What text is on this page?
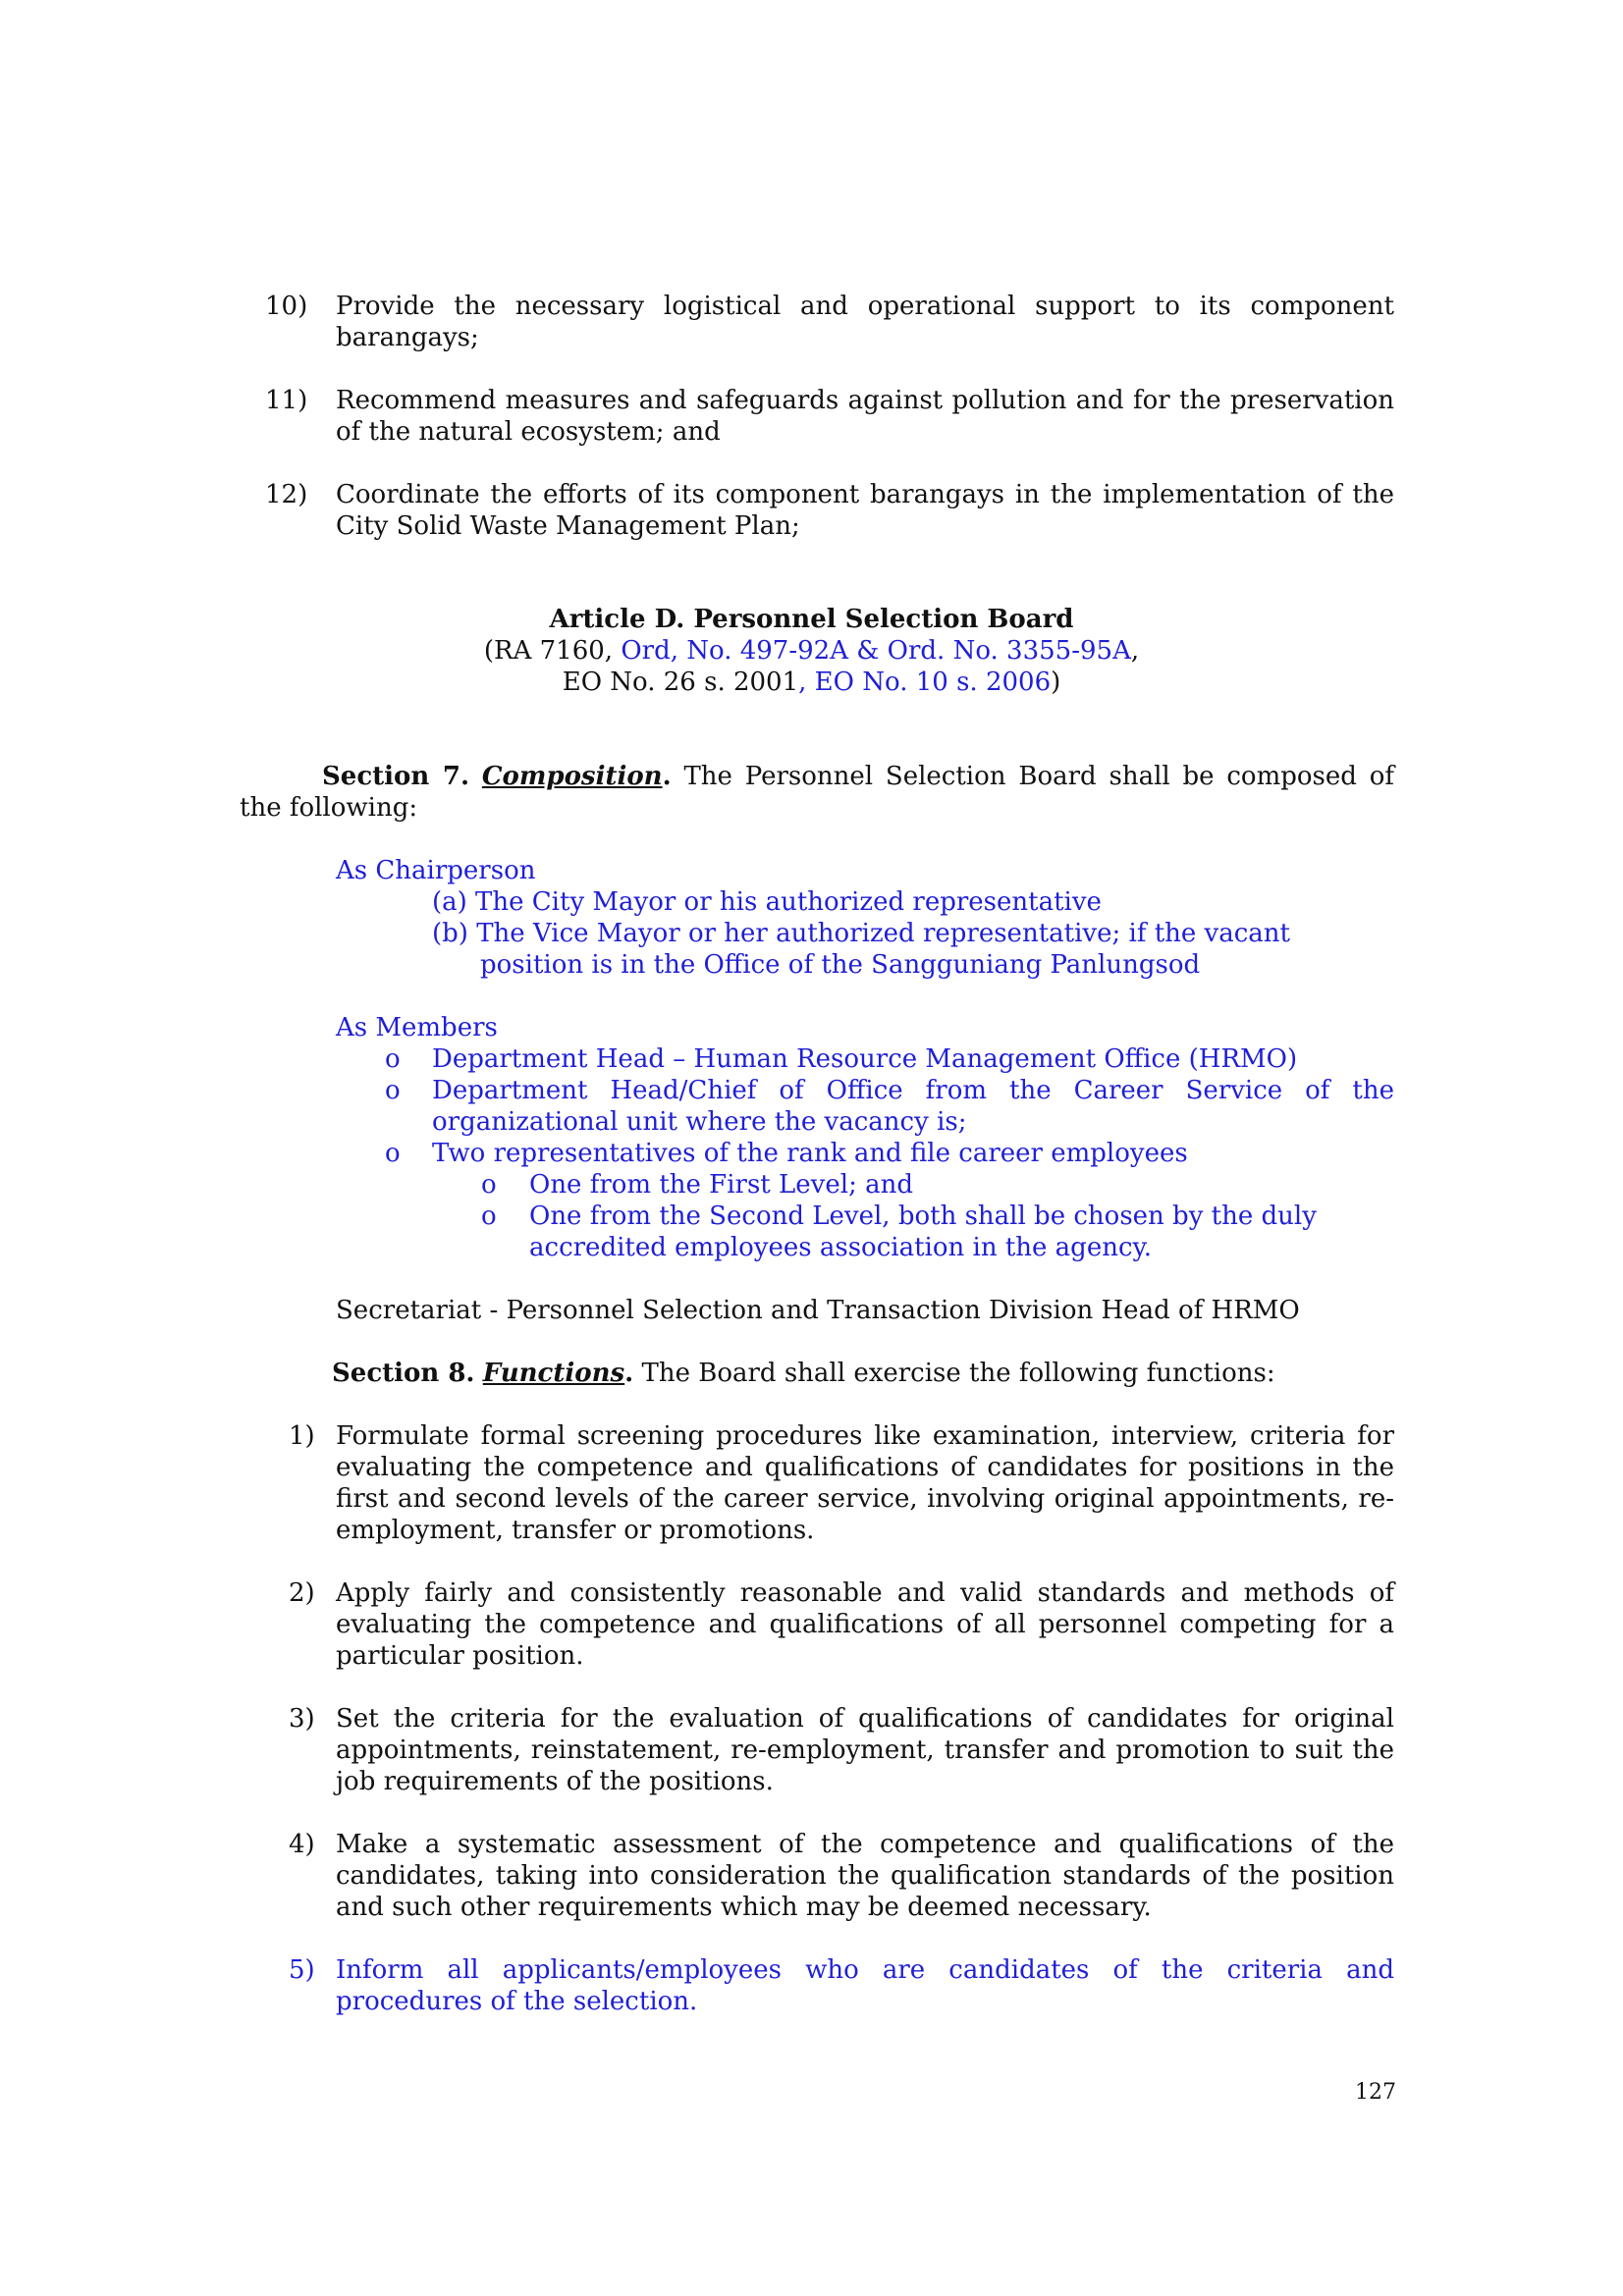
10) Provide the necessary logistical and operational support to its component
barangays;
11) Recommend measures and safeguards against pollution and for the preservation
of the natural ecosystem; and
12) Coordinate the efforts of its component barangays in the implementation of the
City Solid Waste Management Plan;
Article D. Personnel Selection Board
(RA 7160, Ord, No. 497-92A & Ord. No. 3355-95A,
EO No. 26 s. 2001, EO No. 10 s. 2006)
Section 7. Composition. The Personnel Selection Board shall be composed of
the following:
As Chairperson
(a) The City Mayor or his authorized representative
(b) The Vice Mayor or her authorized representative; if the vacant
position is in the Office of the Sangguniang Panlungsod
As Members
o Department Head – Human Resource Management Office (HRMO)
o Department Head/Chief of Office from the Career Service of the
organizational unit where the vacancy is;
o Two representatives of the rank and file career employees
o One from the First Level; and
o One from the Second Level, both shall be chosen by the duly
accredited employees association in the agency.
Secretariat - Personnel Selection and Transaction Division Head of HRMO
Section 8. Functions. The Board shall exercise the following functions:
1) Formulate formal screening procedures like examination, interview, criteria for
evaluating the competence and qualifications of candidates for positions in the
first and second levels of the career service, involving original appointments, re-
employment, transfer or promotions.
2) Apply fairly and consistently reasonable and valid standards and methods of
evaluating the competence and qualifications of all personnel competing for a
particular position.
3) Set the criteria for the evaluation of qualifications of candidates for original
appointments, reinstatement, re-employment, transfer and promotion to suit the
job requirements of the positions.
4) Make a systematic assessment of the competence and qualifications of the
candidates, taking into consideration the qualification standards of the position
and such other requirements which may be deemed necessary.
5) Inform all applicants/employees who are candidates of the criteria and
procedures of the selection.
127
